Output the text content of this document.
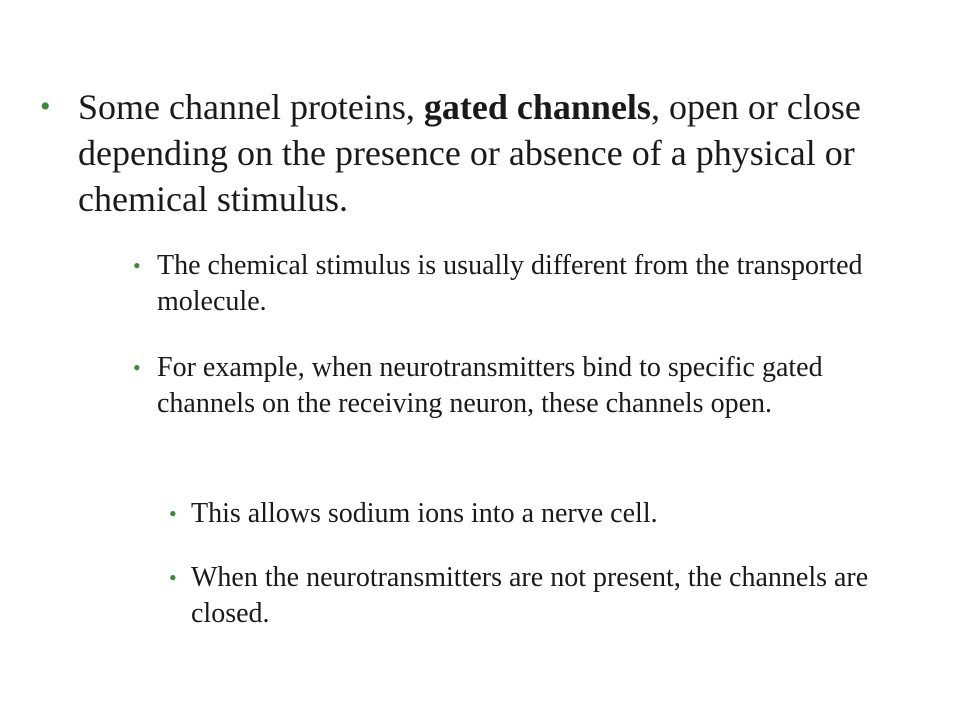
• Some channel proteins, gated channels, open or close depending on the presence or absence of a physical or chemical stimulus.
• The chemical stimulus is usually different from the transported molecule.
• For example, when neurotransmitters bind to specific gated channels on the receiving neuron, these channels open.
• This allows sodium ions into a nerve cell.
• When the neurotransmitters are not present, the channels are closed.
